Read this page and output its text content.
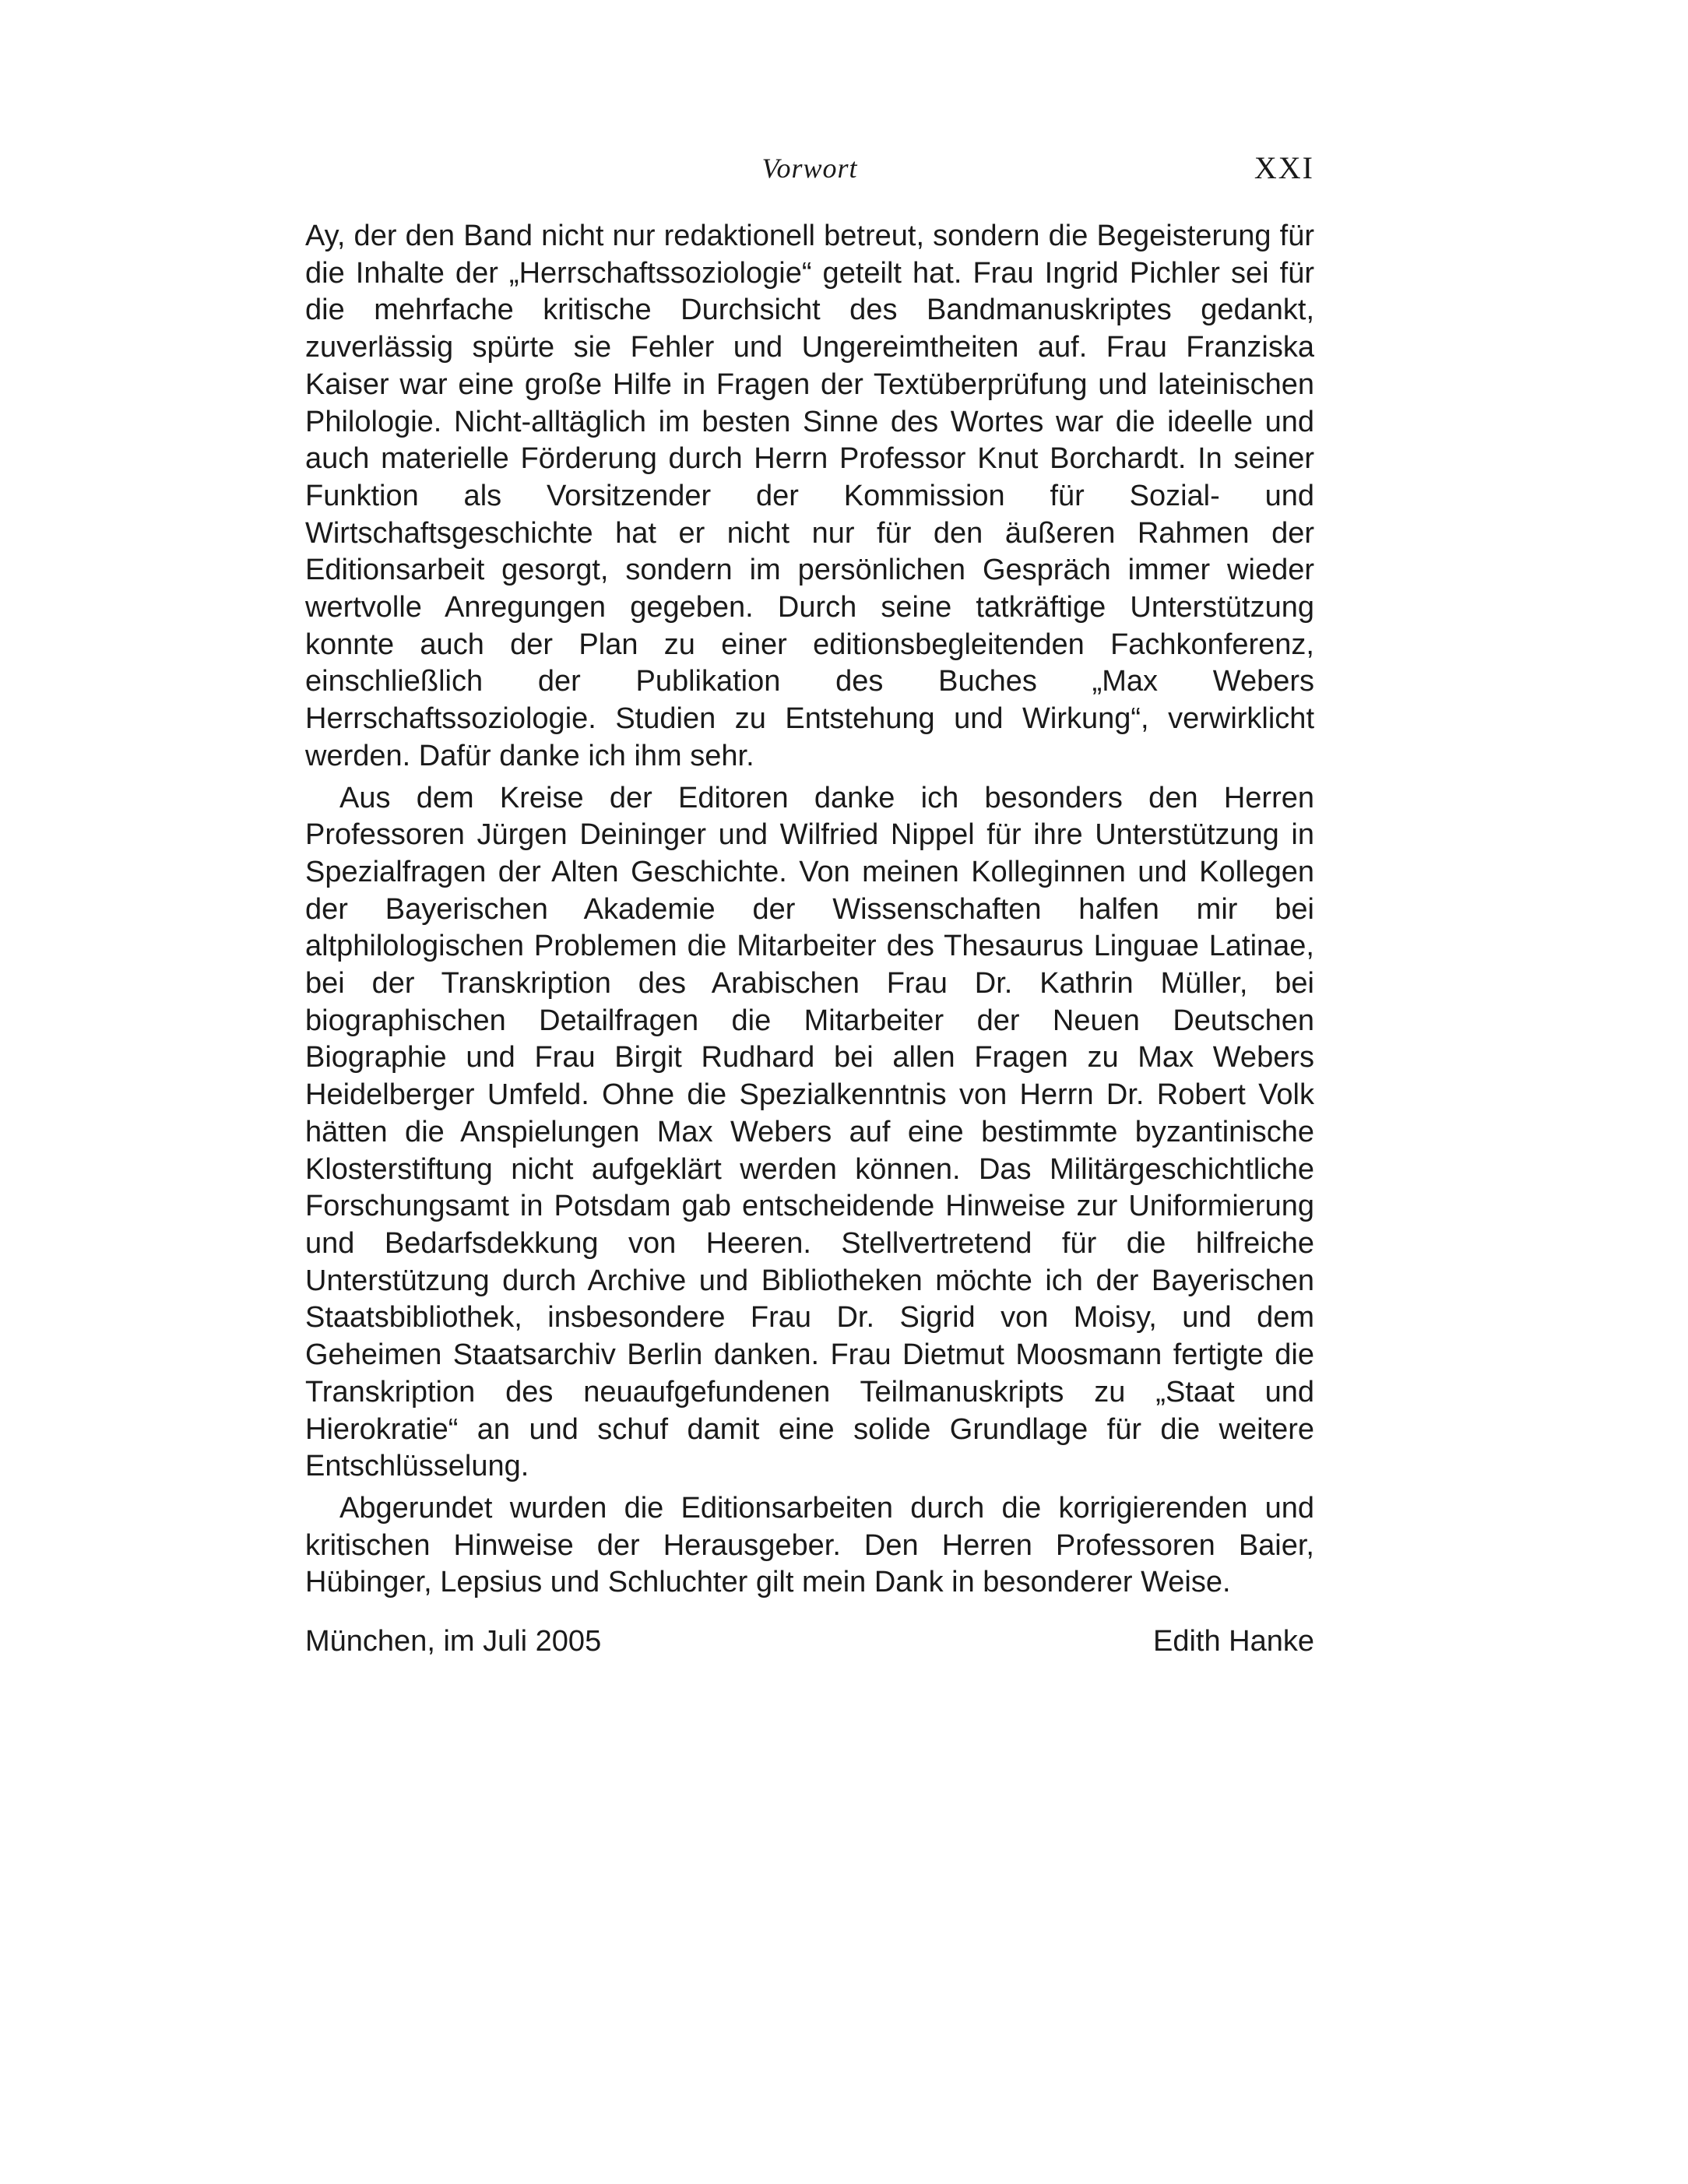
Vorwort	XXI

Ay, der den Band nicht nur redaktionell betreut, sondern die Begeisterung für die Inhalte der „Herrschaftssoziologie“ geteilt hat. Frau Ingrid Pichler sei für die mehrfache kritische Durchsicht des Bandmanuskriptes gedankt, zuverlässig spürte sie Fehler und Ungereimtheiten auf. Frau Franziska Kaiser war eine große Hilfe in Fragen der Textüberprüfung und lateinischen Philologie. Nicht-alltäglich im besten Sinne des Wortes war die ideelle und auch materielle Förderung durch Herrn Professor Knut Borchardt. In seiner Funktion als Vorsitzender der Kommission für Sozial- und Wirtschaftsgeschichte hat er nicht nur für den äußeren Rahmen der Editionsarbeit gesorgt, sondern im persönlichen Gespräch immer wieder wertvolle Anregungen gegeben. Durch seine tatkräftige Unterstützung konnte auch der Plan zu einer editionsbegleitenden Fachkonferenz, einschließlich der Publikation des Buches „Max Webers Herrschaftssoziologie. Studien zu Entstehung und Wirkung“, verwirklicht werden. Dafür danke ich ihm sehr.

Aus dem Kreise der Editoren danke ich besonders den Herren Professoren Jürgen Deininger und Wilfried Nippel für ihre Unterstützung in Spezialfragen der Alten Geschichte. Von meinen Kolleginnen und Kollegen der Bayerischen Akademie der Wissenschaften halfen mir bei altphilologischen Problemen die Mitarbeiter des Thesaurus Linguae Latinae, bei der Transkription des Arabischen Frau Dr. Kathrin Müller, bei biographischen Detailfragen die Mitarbeiter der Neuen Deutschen Biographie und Frau Birgit Rudhard bei allen Fragen zu Max Webers Heidelberger Umfeld. Ohne die Spezialkenntnis von Herrn Dr. Robert Volk hätten die Anspielungen Max Webers auf eine bestimmte byzantinische Klosterstiftung nicht aufgeklärt werden können. Das Militärgeschichtliche Forschungsamt in Potsdam gab entscheidende Hinweise zur Uniformierung und Bedarfsdekkung von Heeren. Stellvertretend für die hilfreiche Unterstützung durch Archive und Bibliotheken möchte ich der Bayerischen Staatsbibliothek, insbesondere Frau Dr. Sigrid von Moisy, und dem Geheimen Staatsarchiv Berlin danken. Frau Dietmut Moosmann fertigte die Transkription des neuaufgefundenen Teilmanuskripts zu „Staat und Hierokratie“ an und schuf damit eine solide Grundlage für die weitere Entschlüsselung.

Abgerundet wurden die Editionsarbeiten durch die korrigierenden und kritischen Hinweise der Herausgeber. Den Herren Professoren Baier, Hübinger, Lepsius und Schluchter gilt mein Dank in besonderer Weise.

München, im Juli 2005	Edith Hanke
